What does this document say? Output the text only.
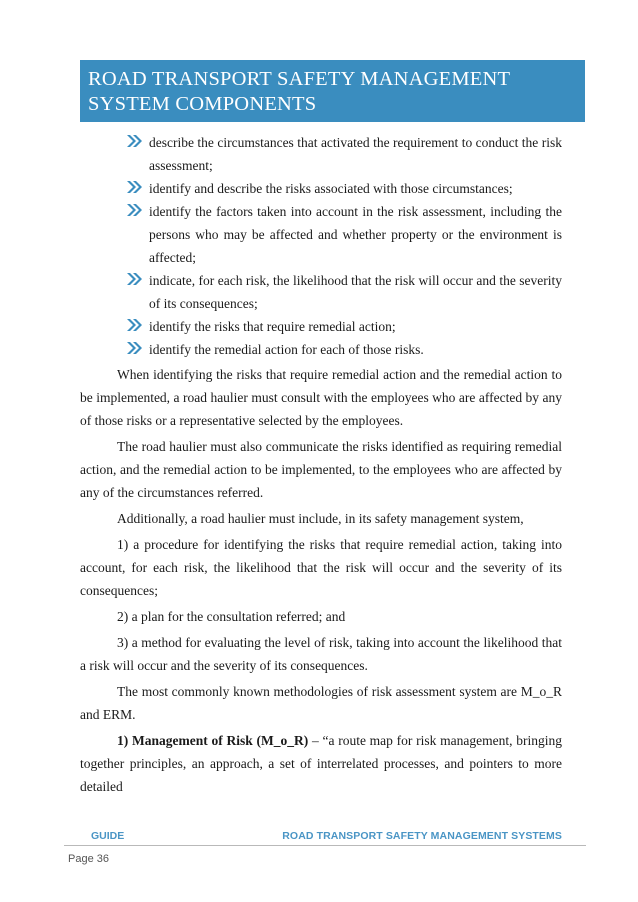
ROAD TRANSPORT SAFETY MANAGEMENT
SYSTEM COMPONENTS
describe the circumstances that activated the requirement to conduct the risk assessment;
identify and describe the risks associated with those circumstances;
identify the factors taken into account in the risk assessment, including the persons who may be affected and whether property or the environment is affected;
indicate, for each risk, the likelihood that the risk will occur and the severity of its consequences;
identify the risks that require remedial action;
identify the remedial action for each of those risks.

When identifying the risks that require remedial action and the remedial action to be implemented, a road haulier must consult with the employees who are affected by any of those risks or a representative selected by the employees.

The road haulier must also communicate the risks identified as requiring remedial action, and the remedial action to be implemented, to the employees who are affected by any of the circumstances referred.

Additionally, a road haulier must include, in its safety management system,

1) a procedure for identifying the risks that require remedial action, taking into account, for each risk, the likelihood that the risk will occur and the severity of its consequences;

2) a plan for the consultation referred; and

3) a method for evaluating the level of risk, taking into account the likelihood that a risk will occur and the severity of its consequences.

The most commonly known methodologies of risk assessment system are M_o_R and ERM.

1) Management of Risk (M_o_R) – “a route map for risk management, bringing together principles, an approach, a set of interrelated processes, and pointers to more detailed

GUIDE	ROAD TRANSPORT SAFETY MANAGEMENT SYSTEMS
Page 36
